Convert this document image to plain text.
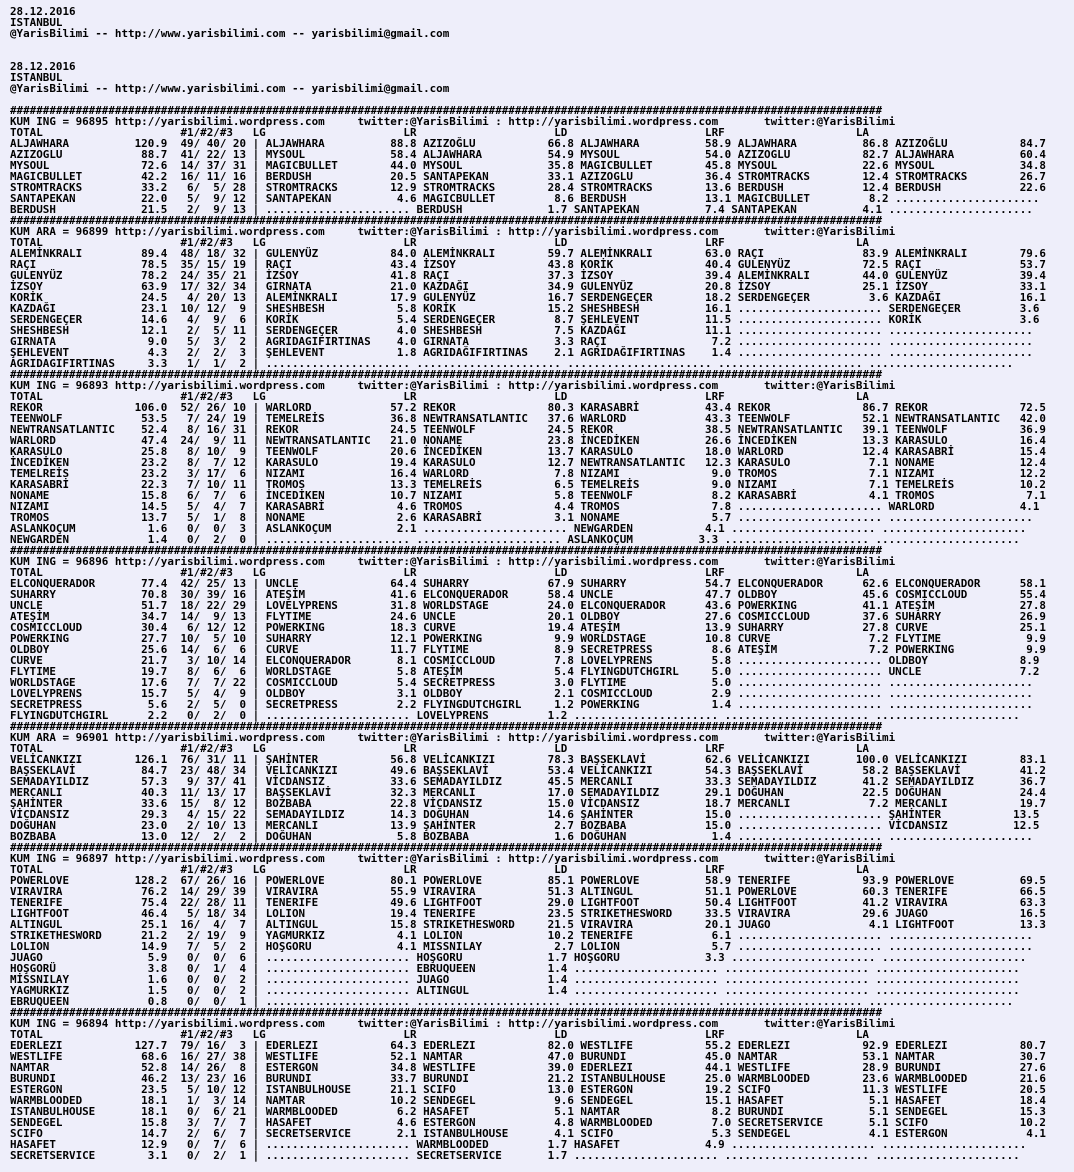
28.12.2016
ISTANBUL
@YarisBilimi -- http://www.yarisbilimi.com -- yarisbilimi@gmail.com
28.12.2016
ISTANBUL
@YarisBilimi -- http://www.yarisbilimi.com -- yarisbilimi@gmail.com
#####################################################################################################################################
KUM ING = 96895 http://yarisbilimi.wordpress.com     twitter:@YarisBilimi : http://yarisbilimi.wordpress.com       twitter:@YarisBilimi
TOTAL                     #1/#2/#3   LG                     LR                     LD                     LRF                    LA
ALJAWHARA          120.9  49/ 40/ 20 | ALJAWHARA          88.8 AZIZOĞLU           66.8 ALJAWHARA          58.9 ALJAWHARA          86.8 AZIZOĞLU           84.7
AZIZOGLU            88.7  41/ 22/ 13 | MYSOUL             58.4 ALJAWHARA          54.9 MYSOUL             54.0 AZIZOGLU           82.7 ALJAWHARA          60.4
MYSOUL              72.6  14/ 37/ 31 | MAGICBULLET        44.0 MYSOUL             35.8 MAGICBULLET        45.8 MYSOUL             22.6 MYSOUL             34.8
MAGICBULLET         42.2  16/ 11/ 16 | BERDUSH            20.5 SANTAPEKAN         33.1 AZIZOGLU           36.4 STROMTRACKS        12.4 STROMTRACKS        26.7
STROMTRACKS         33.2   6/  5/ 28 | STROMTRACKS        12.9 STROMTRACKS        28.4 STROMTRACKS        13.6 BERDUSH            12.4 BERDUSH            22.6
SANTAPEKAN          22.0   5/  9/ 12 | SANTAPEKAN          4.6 MAGICBULLET         8.6 BERDUSH            13.1 MAGICBULLET         8.2 ......................
BERDUSH             21.5   2/  9/ 13 | ...................... BERDUSH             1.7 SANTAPEKAN          7.4 SANTAPEKAN          4.1 ......................
#####################################################################################################################################
KUM ARA = 96899 http://yarisbilimi.wordpress.com     twitter:@YarisBilimi : http://yarisbilimi.wordpress.com       twitter:@YarisBilimi
TOTAL                     #1/#2/#3   LG                     LR                     LD                     LRF                    LA
ALEMİNKRALI         89.4  48/ 18/ 32 | GULENYÜZ           84.0 ALEMİNKRALI        59.7 ALEMİNKRALI        63.0 RAÇI               83.9 ALEMİNKRALI        79.6
RAÇI                78.5  35/ 15/ 19 | RAÇI               43.4 İZSOY              43.8 KORİK              40.4 GULENYÜZ           72.5 RAÇI               53.7
GULENYÜZ            78.2  24/ 35/ 21 | İZSOY              41.8 RAÇI               37.3 İZSOY              39.4 ALEMİNKRALI        44.0 GULENYÜZ           39.4
İZSOY               63.9  17/ 32/ 34 | GIRNATA            21.0 KAZDAĞI            34.9 GULENYÜZ           20.8 İZSOY              25.1 İZSOY              33.1
KORİK               24.5   4/ 20/ 13 | ALEMİNKRALI        17.9 GULENYÜZ           16.7 SERDENGEÇER        18.2 SERDENGEÇER         3.6 KAZDAĞI            16.1
KAZDAĞI             23.1  10/ 12/  9 | SHESHBESH           5.8 KORİK              15.2 SHESHBESH          16.1 ...................... SERDENGEÇER         3.6
SERDENGEÇER         14.6   4/  9/  6 | KORİK               5.4 SERDENGEÇER         8.7 ŞEHLEVENT          11.5 ...................... KORİK               3.6
SHESHBESH           12.1   2/  5/ 11 | SERDENGEÇER         4.0 SHESHBESH           7.5 KAZDAĞI            11.1 ...................... ......................
GIRNATA              9.0   5/  3/  2 | AGRIDAGIFIRTINAS    4.0 GIRNATA             3.3 RAÇI                7.2 ...................... ......................
ŞEHLEVENT            4.3   2/  2/  3 | ŞEHLEVENT           1.8 AGRIDAĞIFIRTINAS    2.1 AGRIDAĞIFIRTINAS    1.4 ...................... ......................
AGRIDAGIFIRTINAS     3.3   1/  1/  2 | ...................... ...................... ...................... ...................... ......................
#####################################################################################################################################
KUM ING = 96893 http://yarisbilimi.wordpress.com     twitter:@YarisBilimi : http://yarisbilimi.wordpress.com       twitter:@YarisBilimi
TOTAL                     #1/#2/#3   LG                     LR                     LD                     LRF                    LA
REKOR              106.0  52/ 26/ 10 | WARLORD            57.2 REKOR              80.3 KARASABRİ          43.4 REKOR              86.7 REKOR              72.5
TEENWOLF            53.5   7/ 24/ 19 | TEMELREİS          36.8 NEWTRANSATLANTIC   37.6 WARLORD            43.3 TEENWOLF           52.1 NEWTRANSATLANTIC   42.0
NEWTRANSATLANTIC    52.4   8/ 16/ 31 | REKOR              24.5 TEENWOLF           24.5 REKOR              38.5 NEWTRANSATLANTIC   39.1 TEENWOLF           36.9
WARLORD             47.4  24/  9/ 11 | NEWTRANSATLANTIC   21.0 NONAME             23.8 İNCEDİKEN          26.6 İNCEDİKEN          13.3 KARASULO           16.4
KARASULO            25.8   8/ 10/  9 | TEENWOLF           20.6 İNCEDİKEN          13.7 KARASULO           18.0 WARLORD            12.4 KARASABRİ          15.4
İNCEDİKEN           23.2   8/  7/ 12 | KARASULO           19.4 KARASULO           12.7 NEWTRANSATLANTIC   12.3 KARASULO            7.1 NONAME             12.4
TEMELREİS           23.2   3/ 17/  6 | NIZAMI             16.4 WARLORD             7.8 NIZAMI              9.0 TROMOS              7.1 NIZAMI             12.2
KARASABRİ           22.3   7/ 10/ 11 | TROMOS             13.3 TEMELREİS           6.5 TEMELREİS           9.0 NIZAMI              7.1 TEMELREİS          10.2
NONAME              15.8   6/  7/  6 | İNCEDİKEN          10.7 NIZAMI              5.8 TEENWOLF            8.2 KARASABRİ           4.1 TROMOS              7.1
NIZAMI              14.5   5/  4/  7 | KARASABRİ           4.6 TROMOS              4.4 TROMOS              7.8 ...................... WARLORD             4.1
TROMOS              13.7   5/  1/  8 | NONAME              2.6 KARASABRİ           3.1 NONAME              5.7 ...................... ......................
ASLANKOÇUM           1.6   0/  0/  3 | ASLANKOÇUM          2.1 ...................... NEWGARDEN           4.1 ...................... ......................
NEWGARDEN            1.4   0/  2/  0 | ...................... ...................... ASLANKOÇUM          3.3 ...................... ......................
#####################################################################################################################################
KUM ING = 96896 http://yarisbilimi.wordpress.com     twitter:@YarisBilimi : http://yarisbilimi.wordpress.com       twitter:@YarisBilimi
TOTAL                     #1/#2/#3   LG                     LR                     LD                     LRF                    LA
ELCONQUERADOR       77.4  42/ 25/ 13 | UNCLE              64.4 SUHARRY            67.9 SUHARRY            54.7 ELCONQUERADOR      62.6 ELCONQUERADOR      58.1
SUHARRY             70.8  30/ 39/ 16 | ATEŞİM             41.6 ELCONQUERADOR      58.4 UNCLE              47.7 OLDBOY             45.6 COSMICCLOUD        55.4
UNCLE               51.7  18/ 22/ 29 | LOVELYPRENS        31.8 WORLDSTAGE         24.0 ELCONQUERADOR      43.6 POWERKING          41.1 ATEŞİM             27.8
ATEŞİM              34.7  14/  9/ 13 | FLYTIME            24.6 UNCLE              20.1 OLDBOY             27.6 COSMICCLOUD        37.6 SUHARRY            26.9
COSMICCLOUD         30.4   6/ 12/ 12 | POWERKING          18.3 CURVE              19.4 ATEŞİM             13.9 SUHARRY            27.8 CURVE              25.1
POWERKING           27.7  10/  5/ 10 | SUHARRY            12.1 POWERKING           9.9 WORLDSTAGE         10.8 CURVE               7.2 FLYTIME             9.9
OLDBOY              25.6  14/  6/  6 | CURVE              11.7 FLYTIME             8.9 SECRETPRESS         8.6 ATEŞİM              7.2 POWERKING           9.9
CURVE               21.7   3/ 10/ 14 | ELCONQUERADOR       8.1 COSMICCLOUD         7.8 LOVELYPRENS         5.8 ...................... OLDBOY              8.9
FLYTIME             19.7   8/  6/  6 | WORLDSTAGE          5.8 ATEŞİM              5.4 FLYINGDUTCHGIRL     5.0 ...................... UNCLE               7.2
WORLDSTAGE          17.6   7/  7/ 22 | COSMICCLOUD         5.4 SECRETPRESS         3.0 FLYTIME             5.0 ...................... ......................
LOVELYPRENS         15.7   5/  4/  9 | OLDBOY              3.1 OLDBOY              2.1 COSMICCLOUD         2.9 ...................... ......................
SECRETPRESS          5.6   2/  5/  0 | SECRETPRESS         2.2 FLYINGDUTCHGIRL     1.2 POWERKING           1.4 ...................... ......................
FLYINGDUTCHGIRL      2.2   0/  2/  0 | ...................... LOVELYPRENS         1.2 ...................... ...................... ......................
#####################################################################################################################################
KUM ARA = 96901 http://yarisbilimi.wordpress.com     twitter:@YarisBilimi : http://yarisbilimi.wordpress.com       twitter:@YarisBilimi
TOTAL                     #1/#2/#3   LG                     LR                     LD                     LRF                    LA
VELİCANKIZI        126.1  76/ 31/ 11 | ŞAHİNTER           56.8 VELİCANKIZI        78.3 BAŞSEKLAVİ         62.6 VELİCANKIZI       100.0 VELİCANKIZI        83.1
BAŞSEKLAVİ          84.7  23/ 48/ 34 | VELİCANKIZI        49.6 BAŞSEKLAVİ         53.4 VELİCANKIZI        54.3 BAŞSEKLAVİ         58.2 BAŞSEKLAVİ         41.2
SEMADAYILDIZ        57.3   9/ 37/ 41 | VİCDANSIZ          33.6 SEMADAYILDIZ       45.5 MERCANLI           33.3 SEMADAYILDIZ       41.2 SEMADAYILDIZ       36.7
MERCANLI            40.3  11/ 13/ 17 | BAŞSEKLAVİ         32.3 MERCANLI           17.0 SEMADAYILDIZ       29.1 DOĞUHAN            22.5 DOĞUHAN            24.4
ŞAHİNTER            33.6  15/  8/ 12 | BOZBABA            22.8 VİCDANSIZ          15.0 VİCDANSIZ          18.7 MERCANLI            7.2 MERCANLI           19.7
VİCDANSIZ           29.3   4/ 15/ 22 | SEMADAYILDIZ       14.3 DOĞUHAN            14.6 ŞAHİNTER           15.0 ...................... ŞAHİNTER           13.5
DOĞUHAN             23.0   2/ 10/ 13 | MERCANLI           13.9 ŞAHİNTER            2.7 BOZBABA            15.0 ...................... VİCDANSIZ          12.5
BOZBABA             13.0  12/  2/  2 | DOĞUHAN             5.8 BOZBABA             1.6 DOĞUHAN             1.4 ...................... ......................
#####################################################################################################################################
KUM ING = 96897 http://yarisbilimi.wordpress.com     twitter:@YarisBilimi : http://yarisbilimi.wordpress.com       twitter:@YarisBilimi
TOTAL                     #1/#2/#3   LG                     LR                     LD                     LRF                    LA
POWERLOVE          128.2  67/ 26/ 16 | POWERLOVE          80.1 POWERLOVE          85.1 POWERLOVE          58.9 TENERIFE           93.9 POWERLOVE          69.5
VIRAVIRA            76.2  14/ 29/ 39 | VIRAVIRA           55.9 VIRAVIRA           51.3 ALTINGUL           51.1 POWERLOVE          60.3 TENERIFE           66.5
TENERIFE            75.4  22/ 28/ 11 | TENERIFE           49.6 LIGHTFOOT          29.0 LIGHTFOOT          50.4 LIGHTFOOT          41.2 VIRAVIRA           63.3
LIGHTFOOT           46.4   5/ 18/ 34 | LOLION             19.4 TENERIFE           23.5 STRIKETHESWORD     33.5 VIRAVIRA           29.6 JUAGO              16.5
ALTINGUL            25.1  16/  4/  7 | ALTINGUL           15.8 STRIKETHESWORD     21.5 VIRAVIRA           20.1 JUAGO               4.1 LIGHTFOOT          13.3
STRIKETHESWORD      21.2   2/ 19/  9 | YAGMURKIZ           4.1 LOLION             10.2 TENERIFE            6.1 ...................... ......................
LOLION              14.9   7/  5/  2 | HOŞGORU             4.1 MISSNILAY           2.7 LOLION              5.7 ...................... ......................
JUAGO                5.9   0/  0/  6 | ...................... HOŞGORU             1.7 HOŞGORU             3.3 ...................... ......................
HOŞGORÜ              3.8   0/  1/  4 | ...................... EBRUQUEEN           1.4 ...................... ...................... ......................
MİSSNILAY            1.6   0/  0/  2 | ...................... JUAGO               1.4 ...................... ...................... ......................
YAGMURKIZ            1.5   0/  0/  2 | ...................... ALTINGUL            1.4 ...................... ...................... ......................
EBRUQUEEN            0.8   0/  0/  1 | ...................... ...................... ...................... ...................... ......................
#####################################################################################################################################
KUM ING = 96894 http://yarisbilimi.wordpress.com     twitter:@YarisBilimi : http://yarisbilimi.wordpress.com       twitter:@YarisBilimi
TOTAL                     #1/#2/#3   LG                     LR                     LD                     LRF                    LA
EDERLEZI           127.7  79/ 16/  3 | EDERLEZI           64.3 EDERLEZI           82.0 WESTLIFE           55.2 EDERLEZI           92.9 EDERLEZI           80.7
WESTLIFE            68.6  16/ 27/ 38 | WESTLIFE           52.1 NAMTAR             47.0 BURUNDI            45.0 NAMTAR             53.1 NAMTAR             30.7
NAMTAR              52.8  14/ 26/  8 | ESTERGON           34.8 WESTLIFE           39.0 EDERLEZI           44.1 WESTLIFE           28.9 BURUNDI            27.6
BURUNDI             46.2  13/ 23/ 16 | BURUNDI            33.7 BURUNDI            21.2 ISTANBULHOUSE      25.0 WARMBLOODED        23.6 WARMBLOODED        21.6
ESTERGON            23.5   5/ 10/ 12 | ISTANBULHOUSE      21.1 SCIFO              13.0 ESTERGON           19.2 SCIFO              11.3 WESTLIFE           20.5
WARMBLOODED         18.1   1/  3/ 14 | NAMTAR             10.2 SENDEGEL            9.6 SENDEGEL           15.1 HASAFET             5.1 HASAFET            18.4
ISTANBULHOUSE       18.1   0/  6/ 21 | WARMBLOODED         6.2 HASAFET             5.1 NAMTAR              8.2 BURUNDI             5.1 SENDEGEL           15.3
SENDEGEL            15.8   3/  7/  7 | HASAFET             4.6 ESTERGON            4.8 WARMBLOODED         7.0 SECRETSERVICE       5.1 SCIFO              10.2
SCIFO               14.7   2/  6/  7 | SECRETSERVICE       2.1 ISTANBULHOUSE       4.1 SCIFO               5.3 SENDEGEL            4.1 ESTERGON            4.1
HASAFET             12.9   0/  7/  6 | ...................... WARMBLOODED         1.7 HASAFET             4.9 ...................... ......................
SECRETSERVICE        3.1   0/  2/  1 | ...................... SECRETSERVICE       1.7 ...................... ...................... ......................
